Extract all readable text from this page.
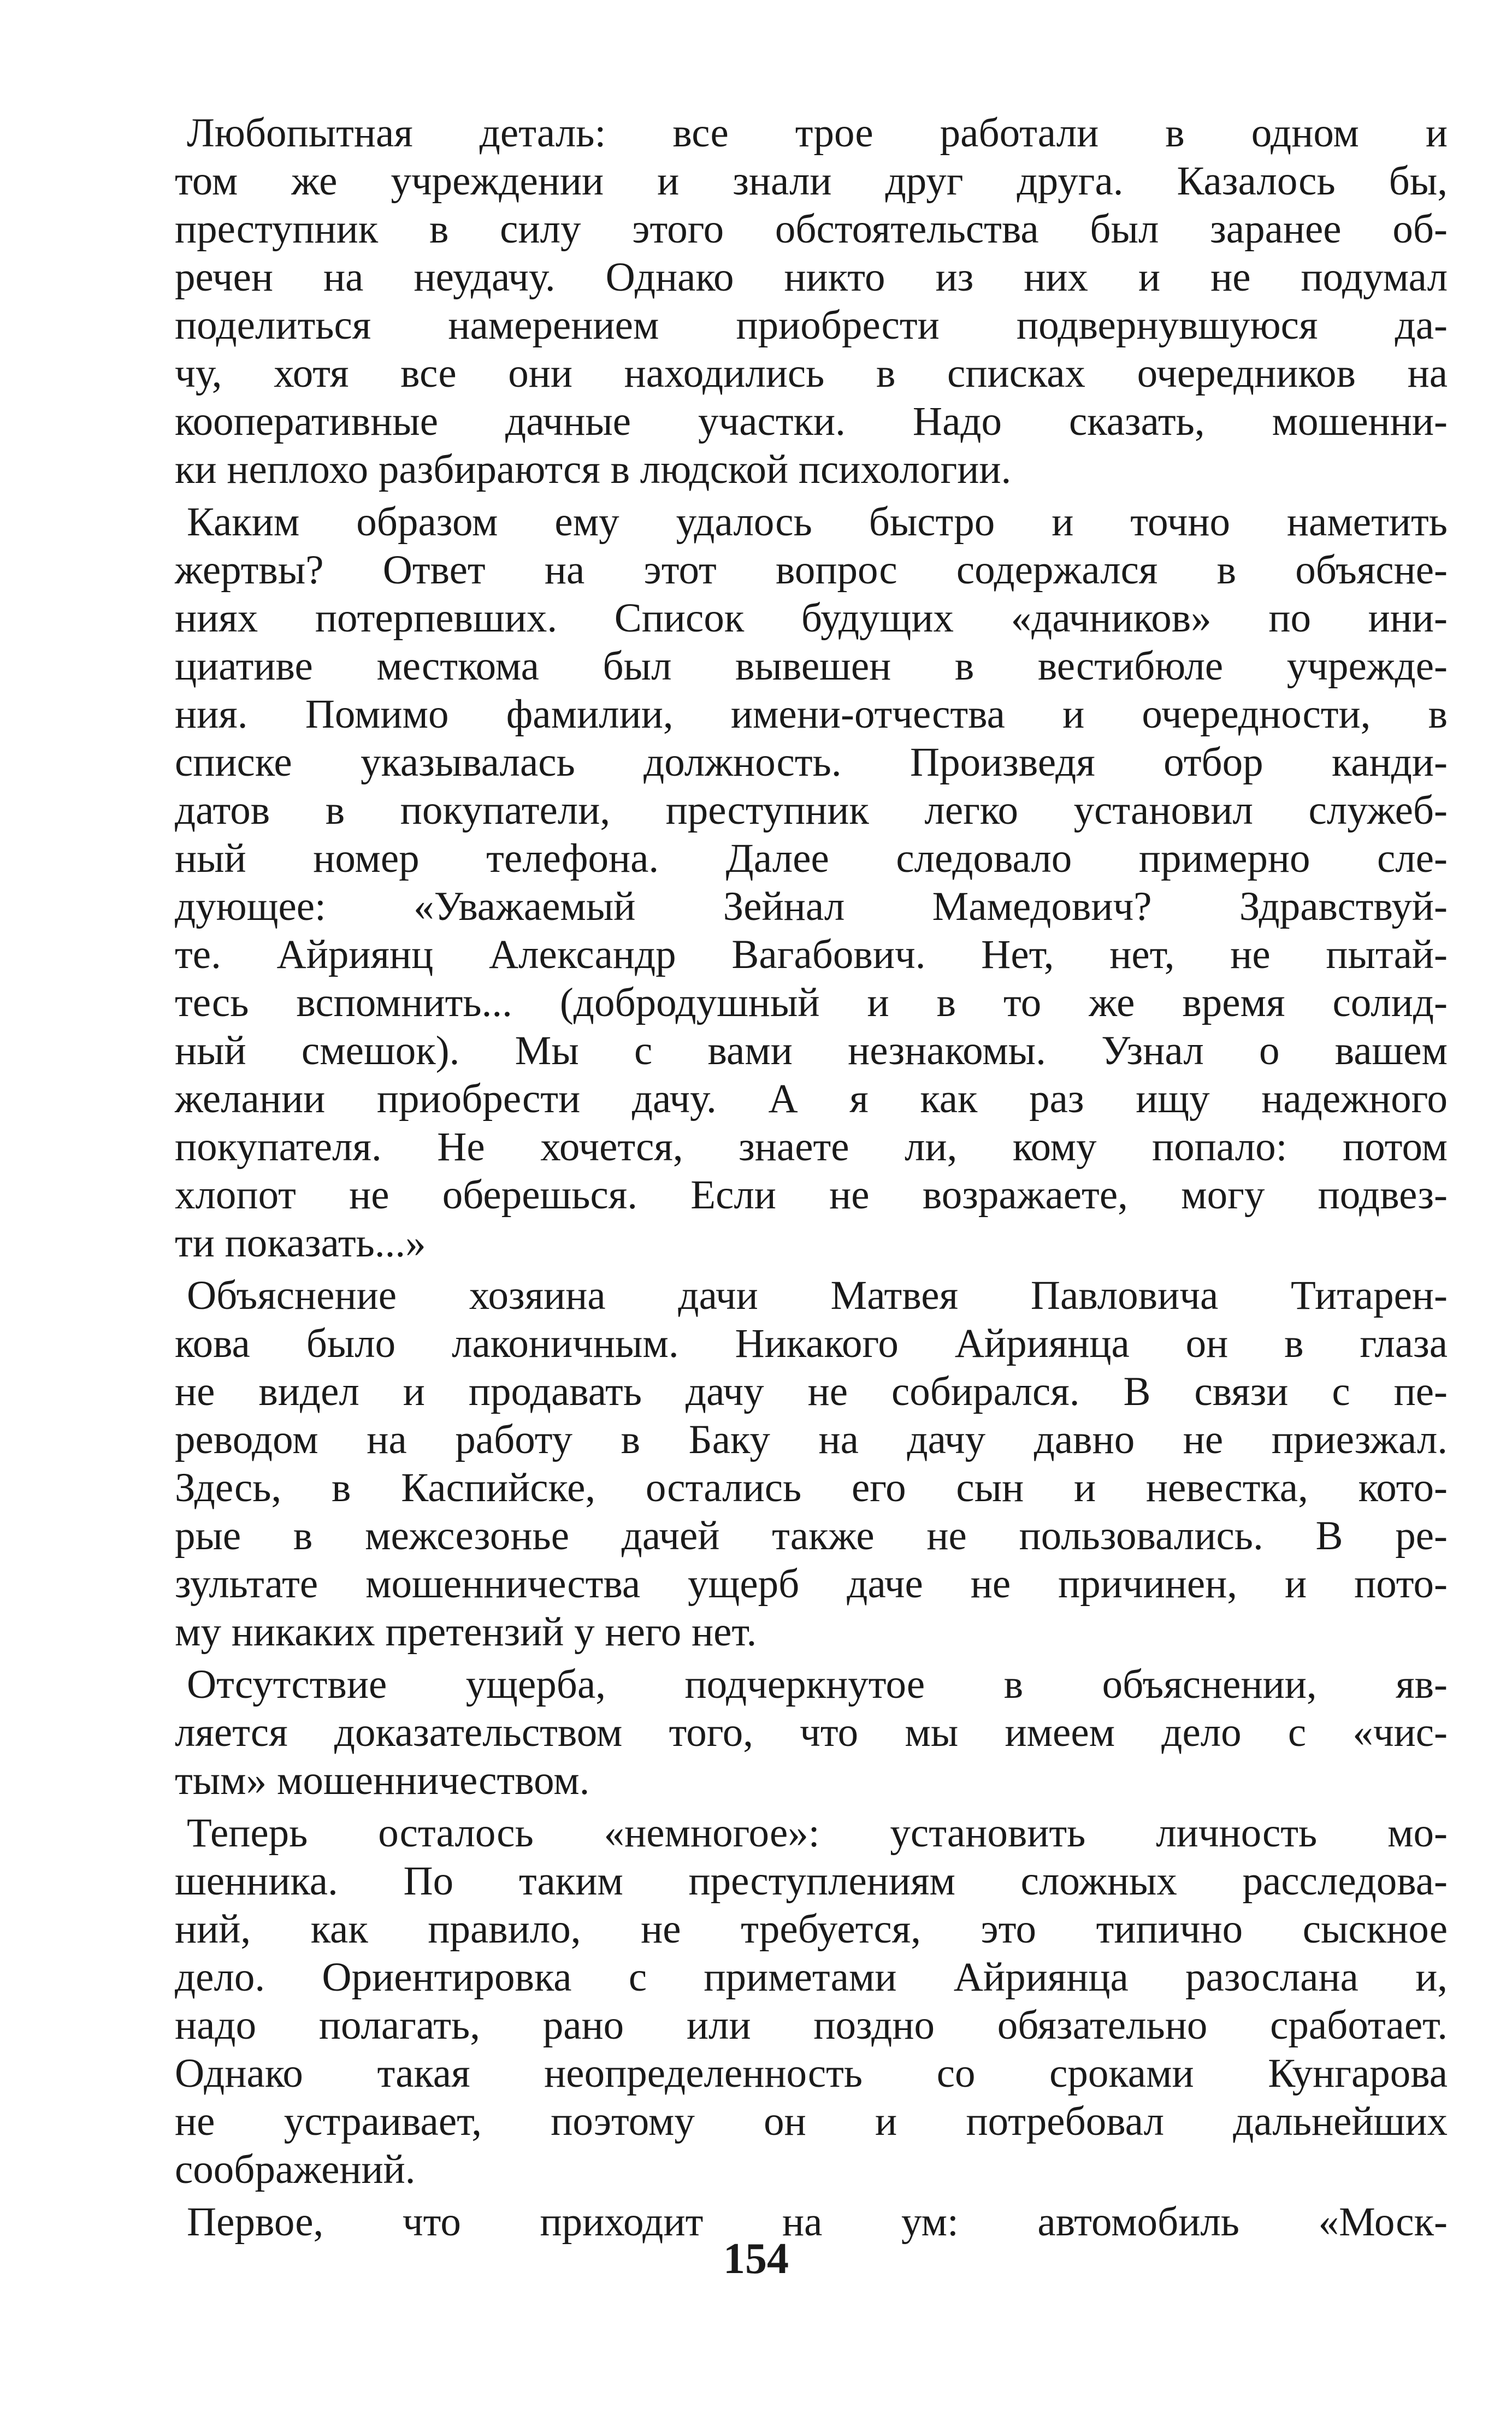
Любопытная деталь: все трое работали в одном и
том же учреждении и знали друг друга. Казалось бы,
преступник в силу этого обстоятельства был заранее об-
речен на неудачу. Однако никто из них и не подумал
поделиться намерением приобрести подвернувшуюся да-
чу, хотя все они находились в списках очередников на
кооперативные дачные участки. Надо сказать, мошенни-
ки неплохо разбираются в людской психологии.
Каким образом ему удалось быстро и точно наметить
жертвы? Ответ на этот вопрос содержался в объясне-
ниях потерпевших. Список будущих «дачников» по ини-
циативе месткома был вывешен в вестибюле учрежде-
ния. Помимо фамилии, имени-отчества и очередности, в
списке указывалась должность. Произведя отбор канди-
датов в покупатели, преступник легко установил служеб-
ный номер телефона. Далее следовало примерно сле-
дующее: «Уважаемый Зейнал Мамедович? Здравствуй-
те. Айриянц Александр Вагабович. Нет, нет, не пытай-
тесь вспомнить... (добродушный и в то же время солид-
ный смешок). Мы с вами незнакомы. Узнал о вашем
желании приобрести дачу. А я как раз ищу надежного
покупателя. Не хочется, знаете ли, кому попало: потом
хлопот не оберешься. Если не возражаете, могу подвез-
ти показать...»
Объяснение хозяина дачи Матвея Павловича Титарен-
кова было лаконичным. Никакого Айриянца он в глаза
не видел и продавать дачу не собирался. В связи с пе-
реводом на работу в Баку на дачу давно не приезжал.
Здесь, в Каспийске, остались его сын и невестка, кото-
рые в межсезонье дачей также не пользовались. В ре-
зультате мошенничества ущерб даче не причинен, и пото-
му никаких претензий у него нет.
Отсутствие ущерба, подчеркнутое в объяснении, яв-
ляется доказательством того, что мы имеем дело с «чис-
тым» мошенничеством.
Теперь осталось «немногое»: установить личность мо-
шенника. По таким преступлениям сложных расследова-
ний, как правило, не требуется, это типично сыскное
дело. Ориентировка с приметами Айриянца разослана и,
надо полагать, рано или поздно обязательно сработает.
Однако такая неопределенность со сроками Кунгарова
не устраивает, поэтому он и потребовал дальнейших
соображений.
Первое, что приходит на ум: автомобиль «Моск-
154
